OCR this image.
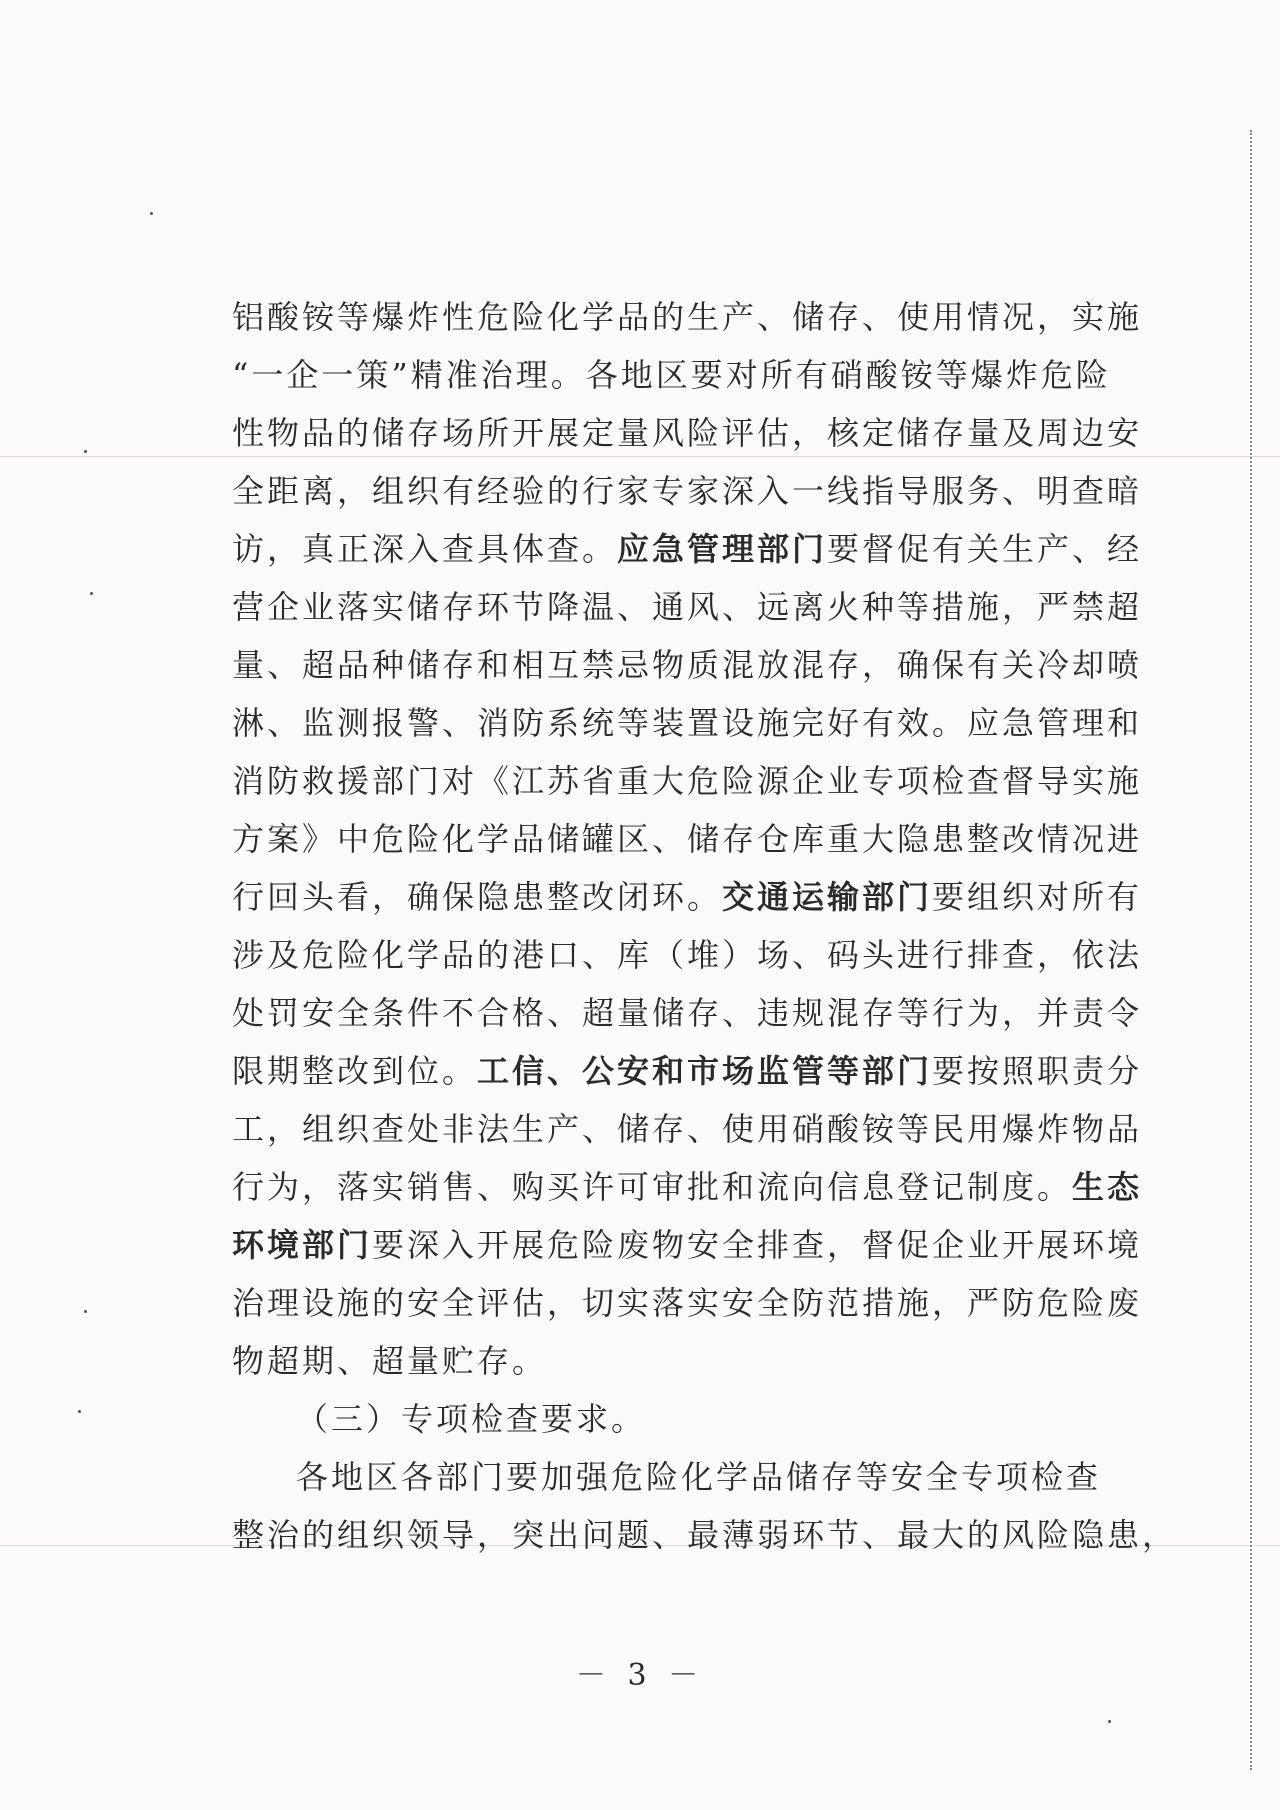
铝酸铵等爆炸性危险化学品的生产、储存、使用情况，实施
“一企一策”精准治理。各地区要对所有硝酸铵等爆炸危险
性物品的储存场所开展定量风险评估，核定储存量及周边安
全距离，组织有经验的行家专家深入一线指导服务、明查暗
访，真正深入查具体查。应急管理部门要督促有关生产、经
营企业落实储存环节降温、通风、远离火种等措施，严禁超
量、超品种储存和相互禁忌物质混放混存，确保有关冷却喷
淋、监测报警、消防系统等装置设施完好有效。应急管理和
消防救援部门对《江苏省重大危险源企业专项检查督导实施
方案》中危险化学品储罐区、储存仓库重大隐患整改情况进
行回头看，确保隐患整改闭环。交通运输部门要组织对所有
涉及危险化学品的港口、库（堆）场、码头进行排查，依法
处罚安全条件不合格、超量储存、违规混存等行为，并责令
限期整改到位。工信、公安和市场监管等部门要按照职责分
工，组织查处非法生产、储存、使用硝酸铵等民用爆炸物品
行为，落实销售、购买许可审批和流向信息登记制度。生态
环境部门要深入开展危险废物安全排查，督促企业开展环境
治理设施的安全评估，切实落实安全防范措施，严防危险废
物超期、超量贮存。

（三）专项检查要求。

各地区各部门要加强危险化学品储存等安全专项检查
整治的组织领导，突出问题、最薄弱环节、最大的风险隐患，

－ 3 －
